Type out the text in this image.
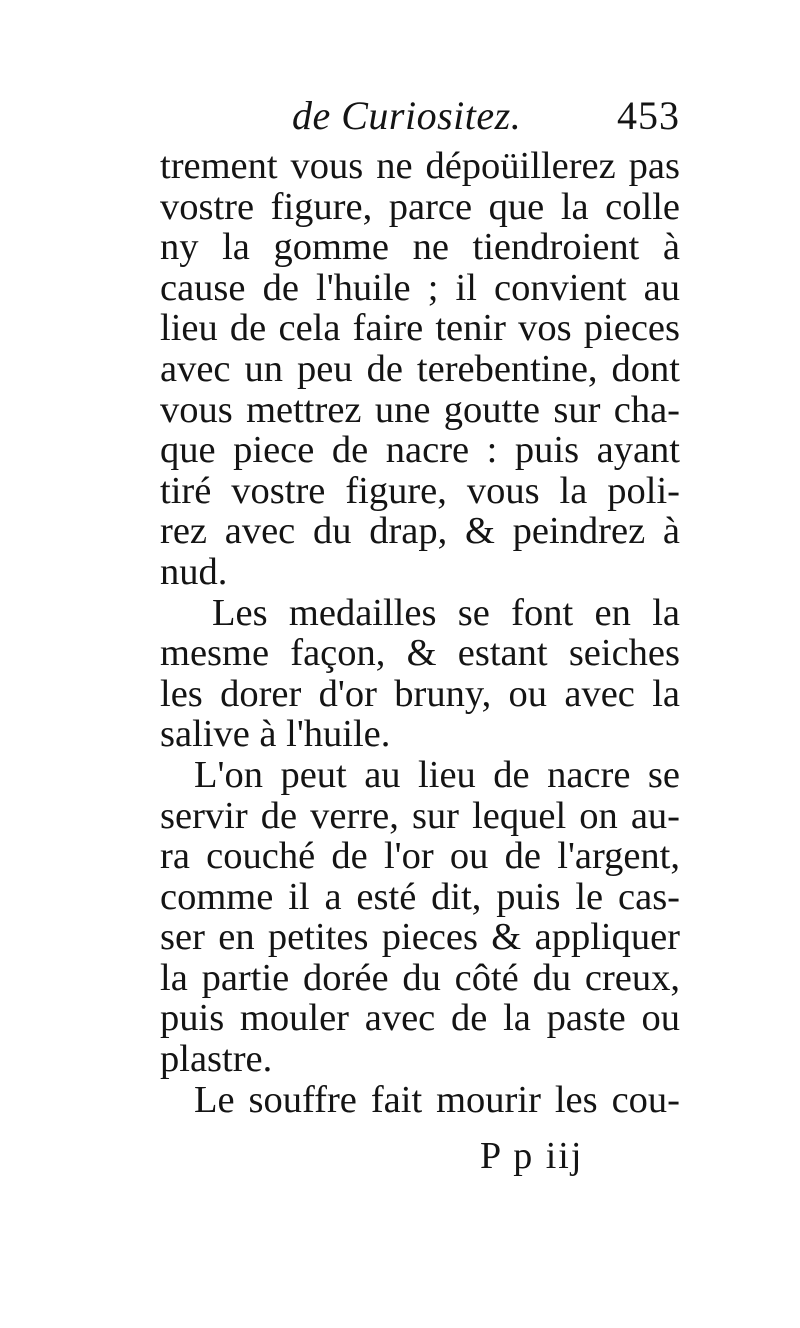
de Curiositez. 453
trement vous ne dépoüillerez pas
vostre figure, parce que la colle
ny la gomme ne tiendroient à
cause de l'huile ; il convient au
lieu de cela faire tenir vos pieces
avec un peu de terebentine, dont
vous mettrez une goutte sur cha-
que piece de nacre : puis ayant
tiré vostre figure, vous la poli-
rez avec du drap, & peindrez à
nud.
Les medailles se font en la
mesme façon, & estant seiches
les dorer d'or bruny, ou avec la
salive à l'huile.
L'on peut au lieu de nacre se
servir de verre, sur lequel on au-
ra couché de l'or ou de l'argent,
comme il a esté dit, puis le cas-
ser en petites pieces & appliquer
la partie dorée du côté du creux,
puis mouler avec de la paste ou
plastre.
Le souffre fait mourir les cou-
P p iij
